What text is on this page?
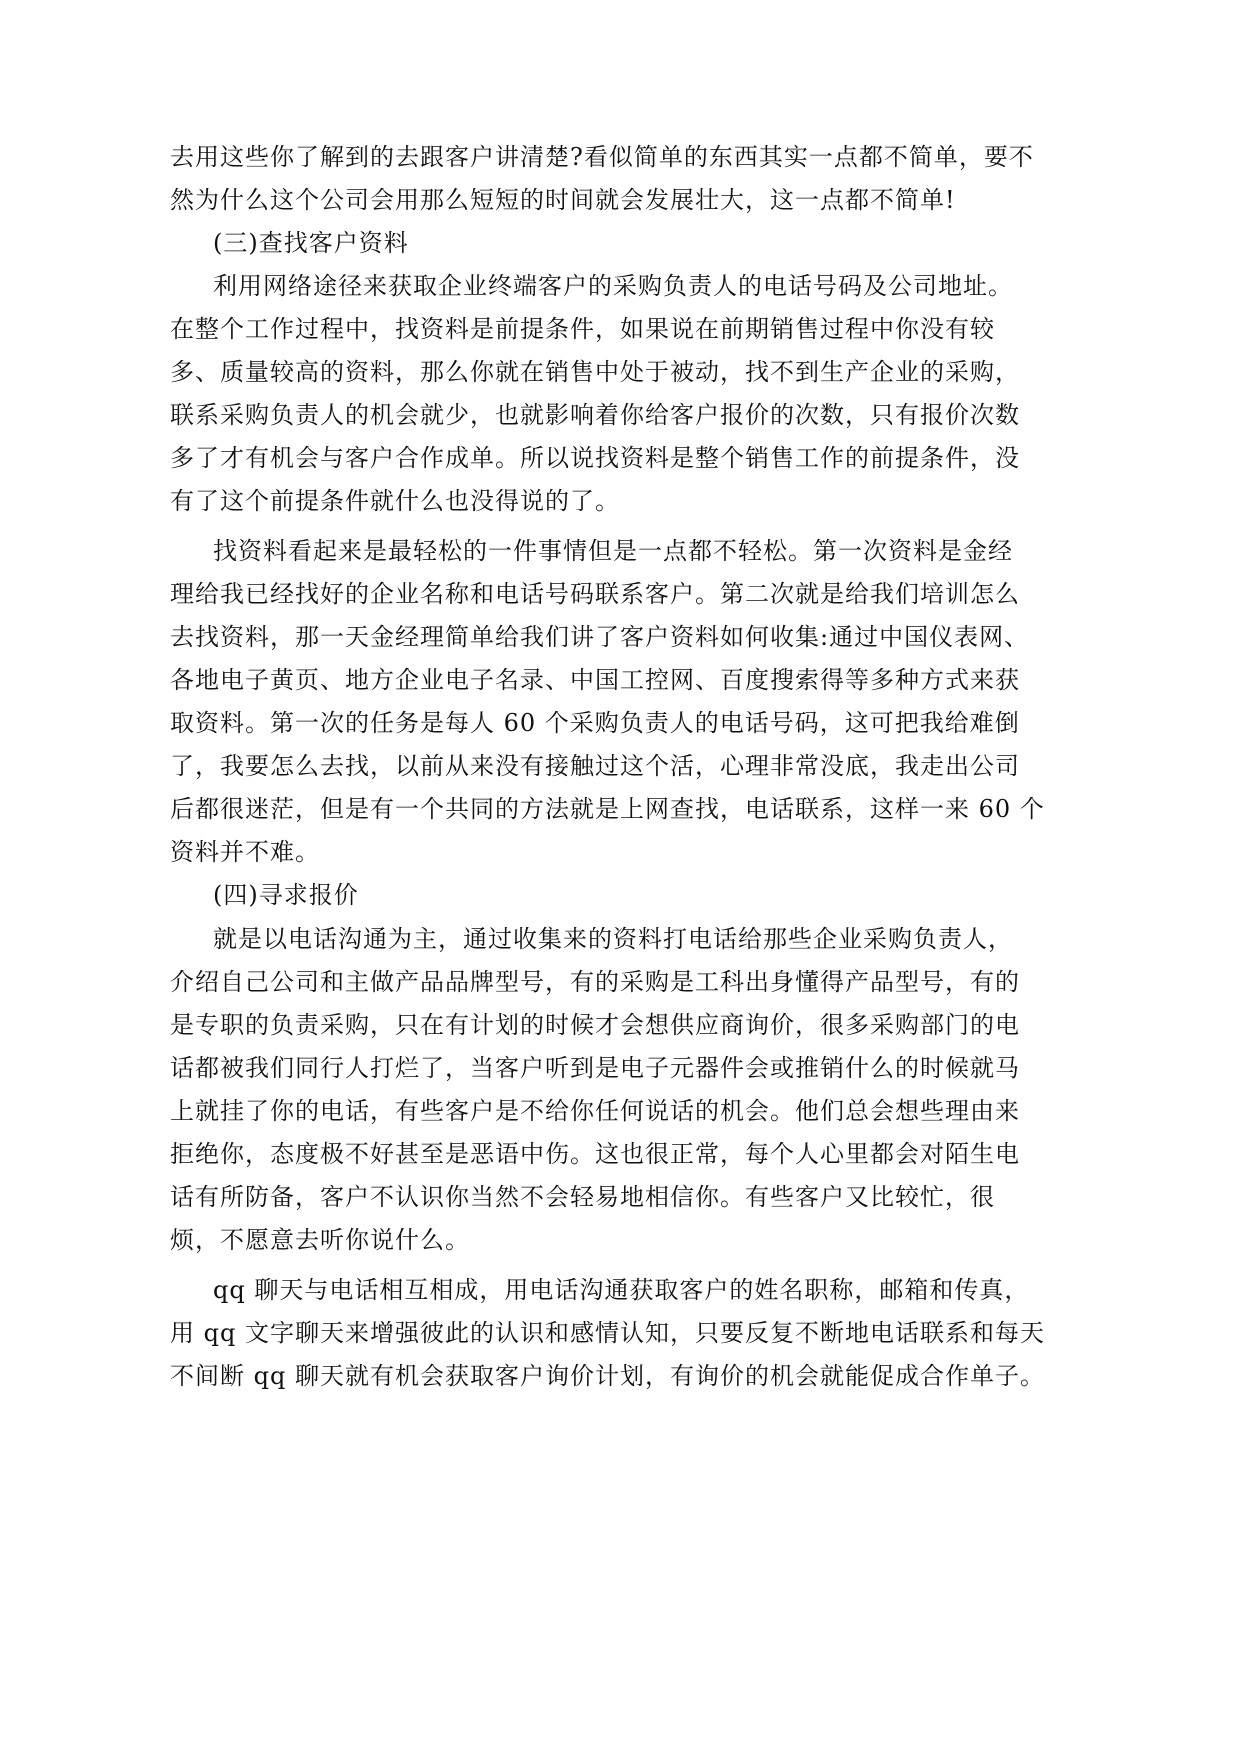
去用这些你了解到的去跟客户讲清楚?看似简单的东西其实一点都不简单，要不
然为什么这个公司会用那么短短的时间就会发展壮大，这一点都不简单!
(三)查找客户资料
利用网络途径来获取企业终端客户的采购负责人的电话号码及公司地址。
在整个工作过程中，找资料是前提条件，如果说在前期销售过程中你没有较
多、质量较高的资料，那么你就在销售中处于被动，找不到生产企业的采购，
联系采购负责人的机会就少，也就影响着你给客户报价的次数，只有报价次数
多了才有机会与客户合作成单。所以说找资料是整个销售工作的前提条件，没
有了这个前提条件就什么也没得说的了。
找资料看起来是最轻松的一件事情但是一点都不轻松。第一次资料是金经
理给我已经找好的企业名称和电话号码联系客户。第二次就是给我们培训怎么
去找资料，那一天金经理简单给我们讲了客户资料如何收集:通过中国仪表网、
各地电子黄页、地方企业电子名录、中国工控网、百度搜索得等多种方式来获
取资料。第一次的任务是每人 60 个采购负责人的电话号码，这可把我给难倒
了，我要怎么去找，以前从来没有接触过这个活，心理非常没底，我走出公司
后都很迷茫，但是有一个共同的方法就是上网查找，电话联系，这样一来 60 个
资料并不难。
(四)寻求报价
就是以电话沟通为主，通过收集来的资料打电话给那些企业采购负责人，
介绍自己公司和主做产品品牌型号，有的采购是工科出身懂得产品型号，有的
是专职的负责采购，只在有计划的时候才会想供应商询价，很多采购部门的电
话都被我们同行人打烂了，当客户听到是电子元器件会或推销什么的时候就马
上就挂了你的电话，有些客户是不给你任何说话的机会。他们总会想些理由来
拒绝你，态度极不好甚至是恶语中伤。这也很正常，每个人心里都会对陌生电
话有所防备，客户不认识你当然不会轻易地相信你。有些客户又比较忙，很
烦，不愿意去听你说什么。
qq 聊天与电话相互相成，用电话沟通获取客户的姓名职称，邮箱和传真，
用 qq 文字聊天来增强彼此的认识和感情认知，只要反复不断地电话联系和每天
不间断 qq 聊天就有机会获取客户询价计划，有询价的机会就能促成合作单子。
